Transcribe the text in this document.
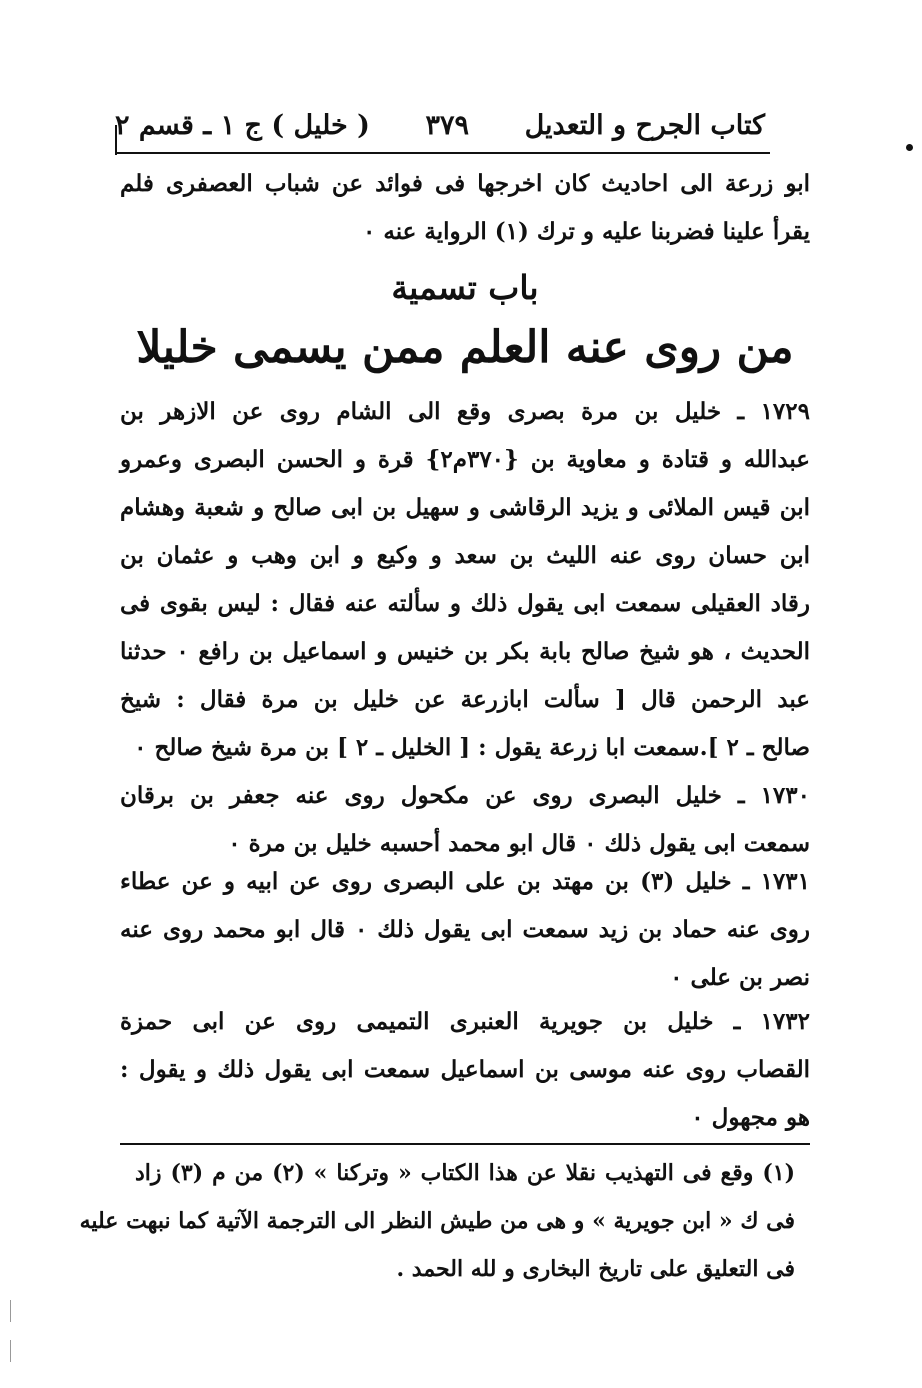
كتاب الجرح و التعديل
٣٧٩
( خليل ) ج ١ ـ قسم ٢
ابو زرعة الى احاديث كان اخرجها فى فوائد عن شباب العصفرى فلم
يقرأ علينا فضربنا عليه و ترك (١) الرواية عنه ٠
باب تسمية
من روى عنه العلم ممن يسمى خليلا
١٧٢٩ ـ خليل بن مرة بصرى وقع الى الشام روى عن الازهر بن
عبدالله و قتادة و معاوية بن {٣٧٠م٢} قرة و الحسن البصرى وعمرو
ابن قيس الملائى و يزيد الرقاشى و سهيل بن ابى صالح و شعبة وهشام
ابن حسان روى عنه الليث بن سعد و وكيع و ابن وهب و عثمان بن
رقاد العقيلى سمعت ابى يقول ذلك و سألته عنه فقال : ليس بقوى فى
الحديث ، هو شيخ صالح بابة بكر بن خنيس و اسماعيل بن رافع ٠ حدثنا
عبد الرحمن قال [ سألت ابازرعة عن خليل بن مرة فقال : شيخ
صالح ـ ٢ ].سمعت ابا زرعة يقول : [ الخليل ـ ٢ ] بن مرة شيخ صالح ٠
١٧٣٠ ـ خليل البصرى روى عن مكحول روى عنه جعفر بن برقان
سمعت ابى يقول ذلك ٠ قال ابو محمد أحسبه خليل بن مرة ٠
١٧٣١ ـ خليل (٣) بن مهتد بن على البصرى روى عن ابيه و عن عطاء
روى عنه حماد بن زيد سمعت ابى يقول ذلك ٠ قال ابو محمد روى عنه
نصر بن على ٠
١٧٣٢ ـ خليل بن جويرية العنبرى التميمى روى عن ابى حمزة
القصاب روى عنه موسى بن اسماعيل سمعت ابى يقول ذلك و يقول :
هو مجهول ٠
(١) وقع فى التهذيب نقلا عن هذا الكتاب « وتركنا » (٢) من م (٣) زاد
فى ك « ابن جويرية » و هى من طيش النظر الى الترجمة الآتية كما نبهت عليه
فى التعليق على تاريخ البخارى و لله الحمد .
